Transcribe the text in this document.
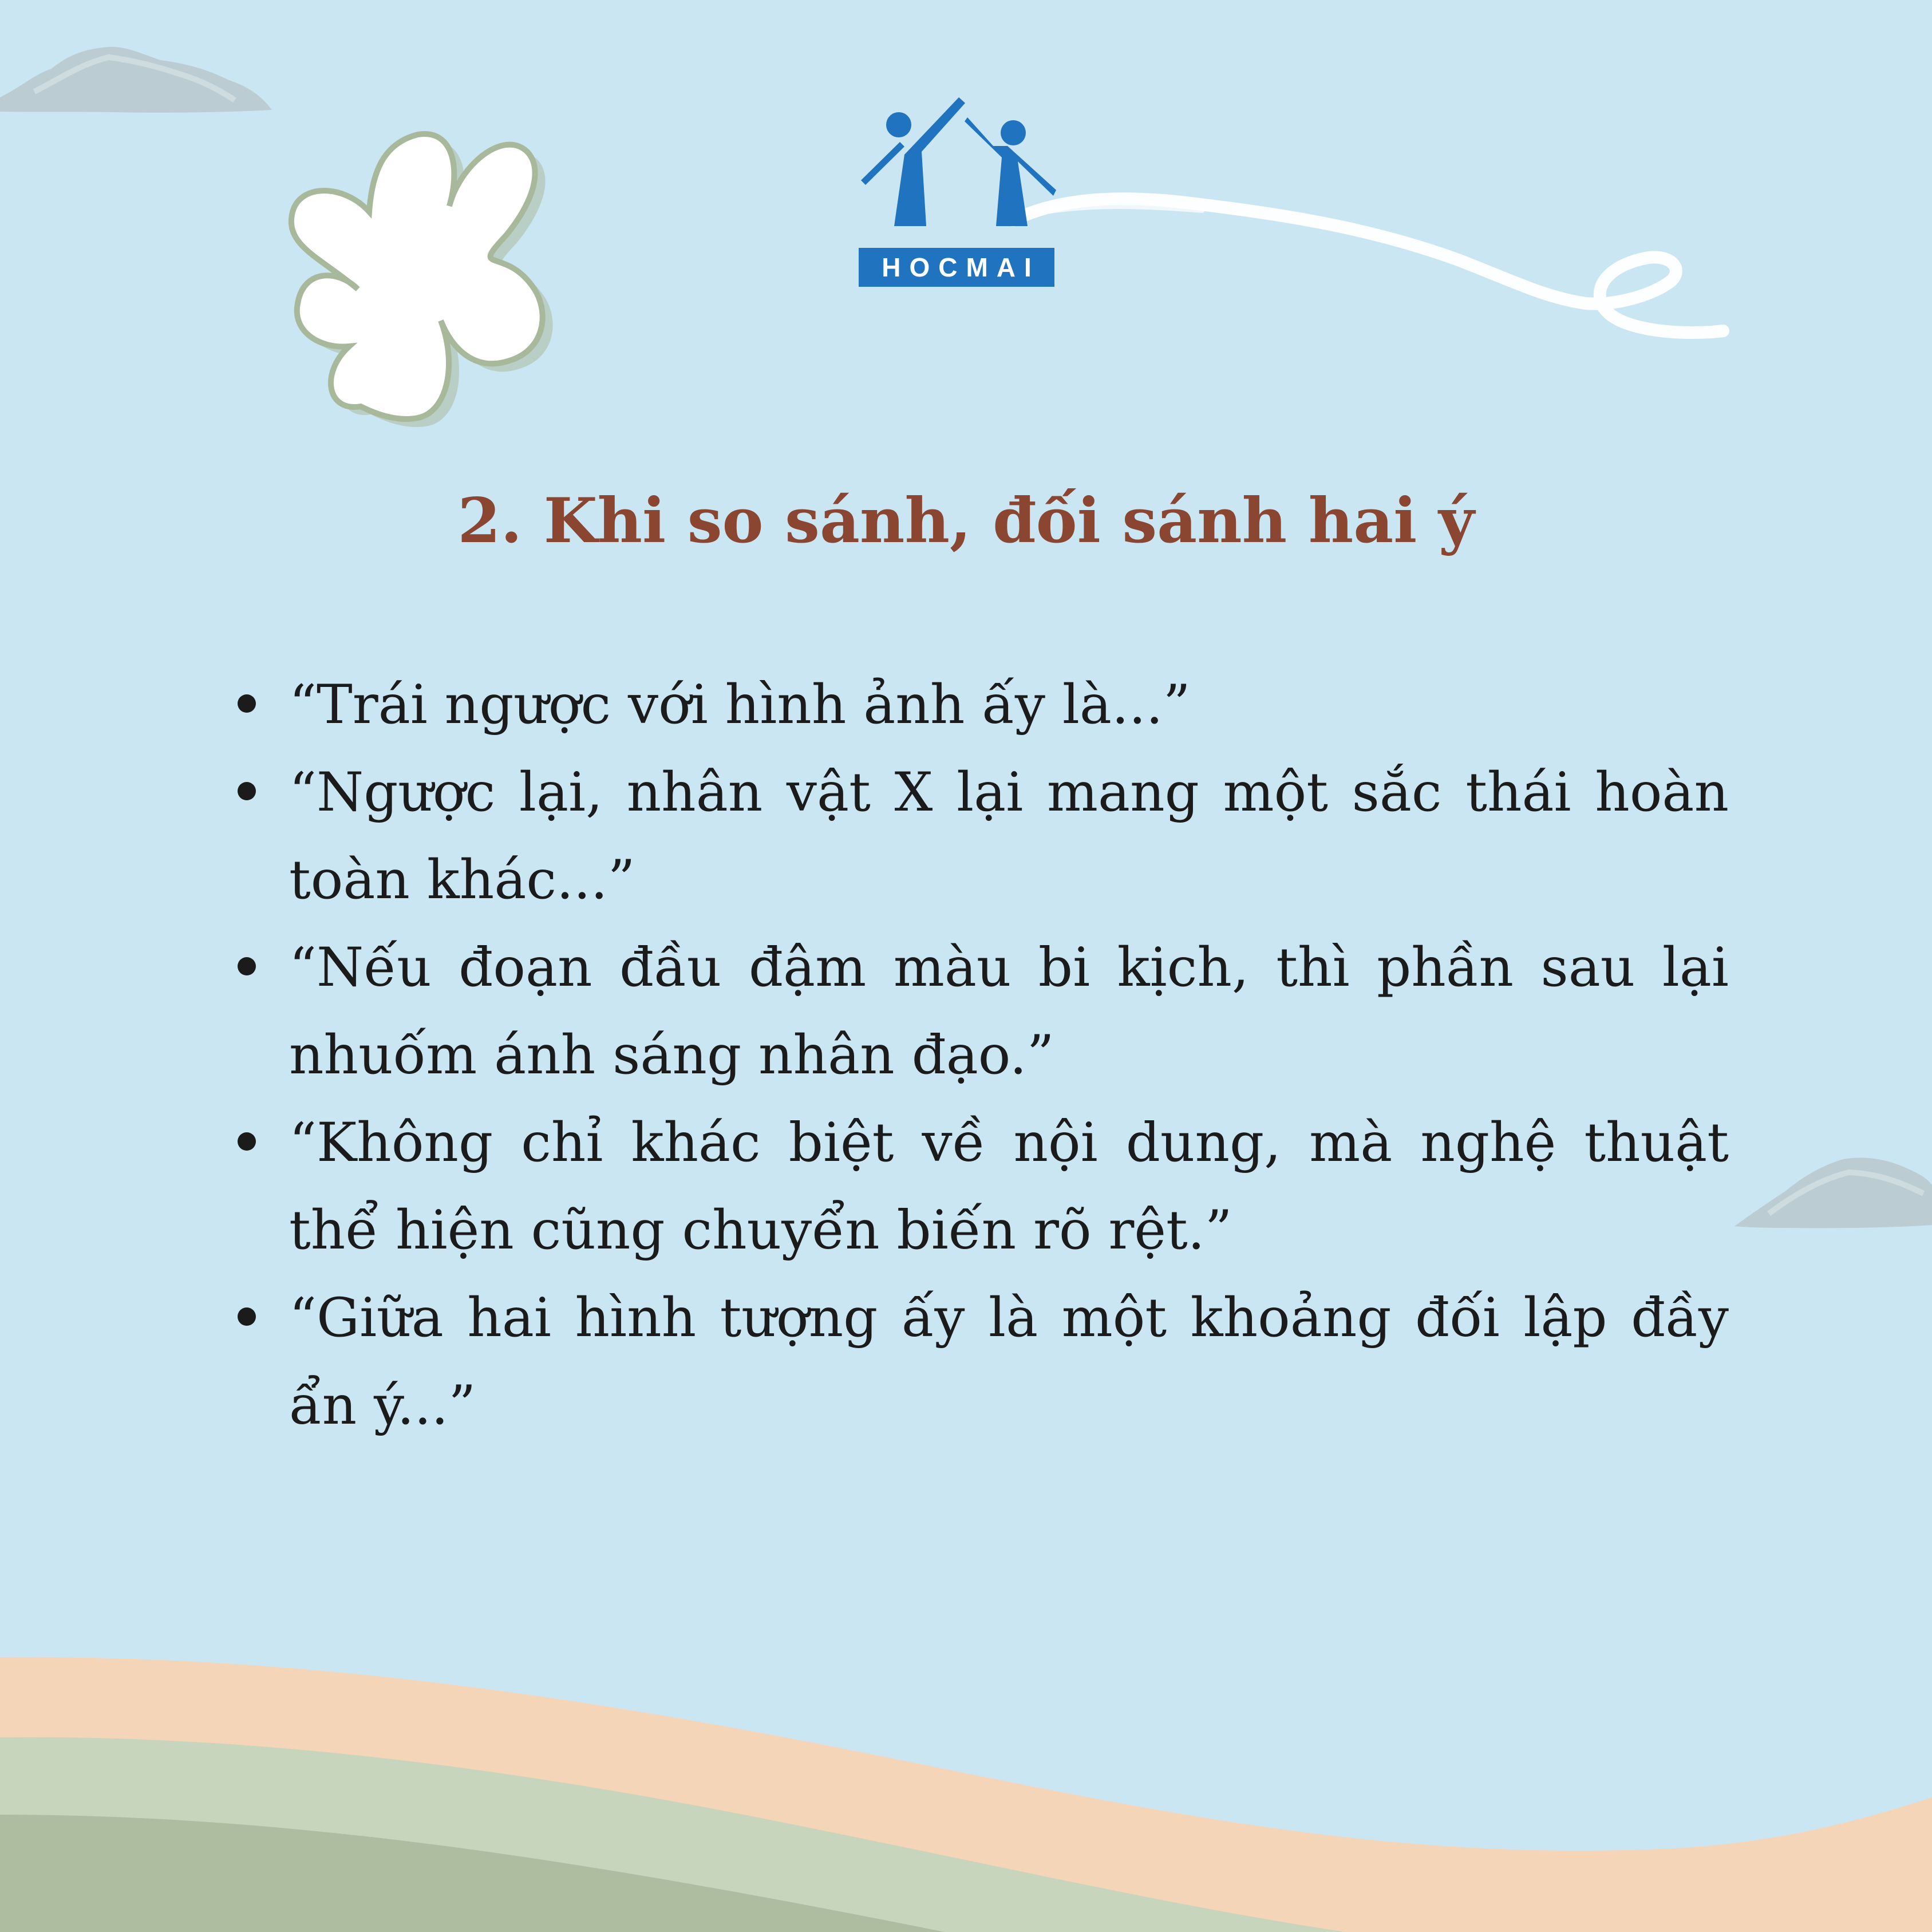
HOCMAI
2. Khi so sánh, đối sánh hai ý
“Trái ngược với hình ảnh ấy là...”
“Ngược lại, nhân vật X lại mang một sắc thái hoàn toàn khác...”
“Nếu đoạn đầu đậm màu bi kịch, thì phần sau lại nhuốm ánh sáng nhân đạo.”
“Không chỉ khác biệt về nội dung, mà nghệ thuật thể hiện cũng chuyển biến rõ rệt.”
“Giữa hai hình tượng ấy là một khoảng đối lập đầy ẩn ý...”
